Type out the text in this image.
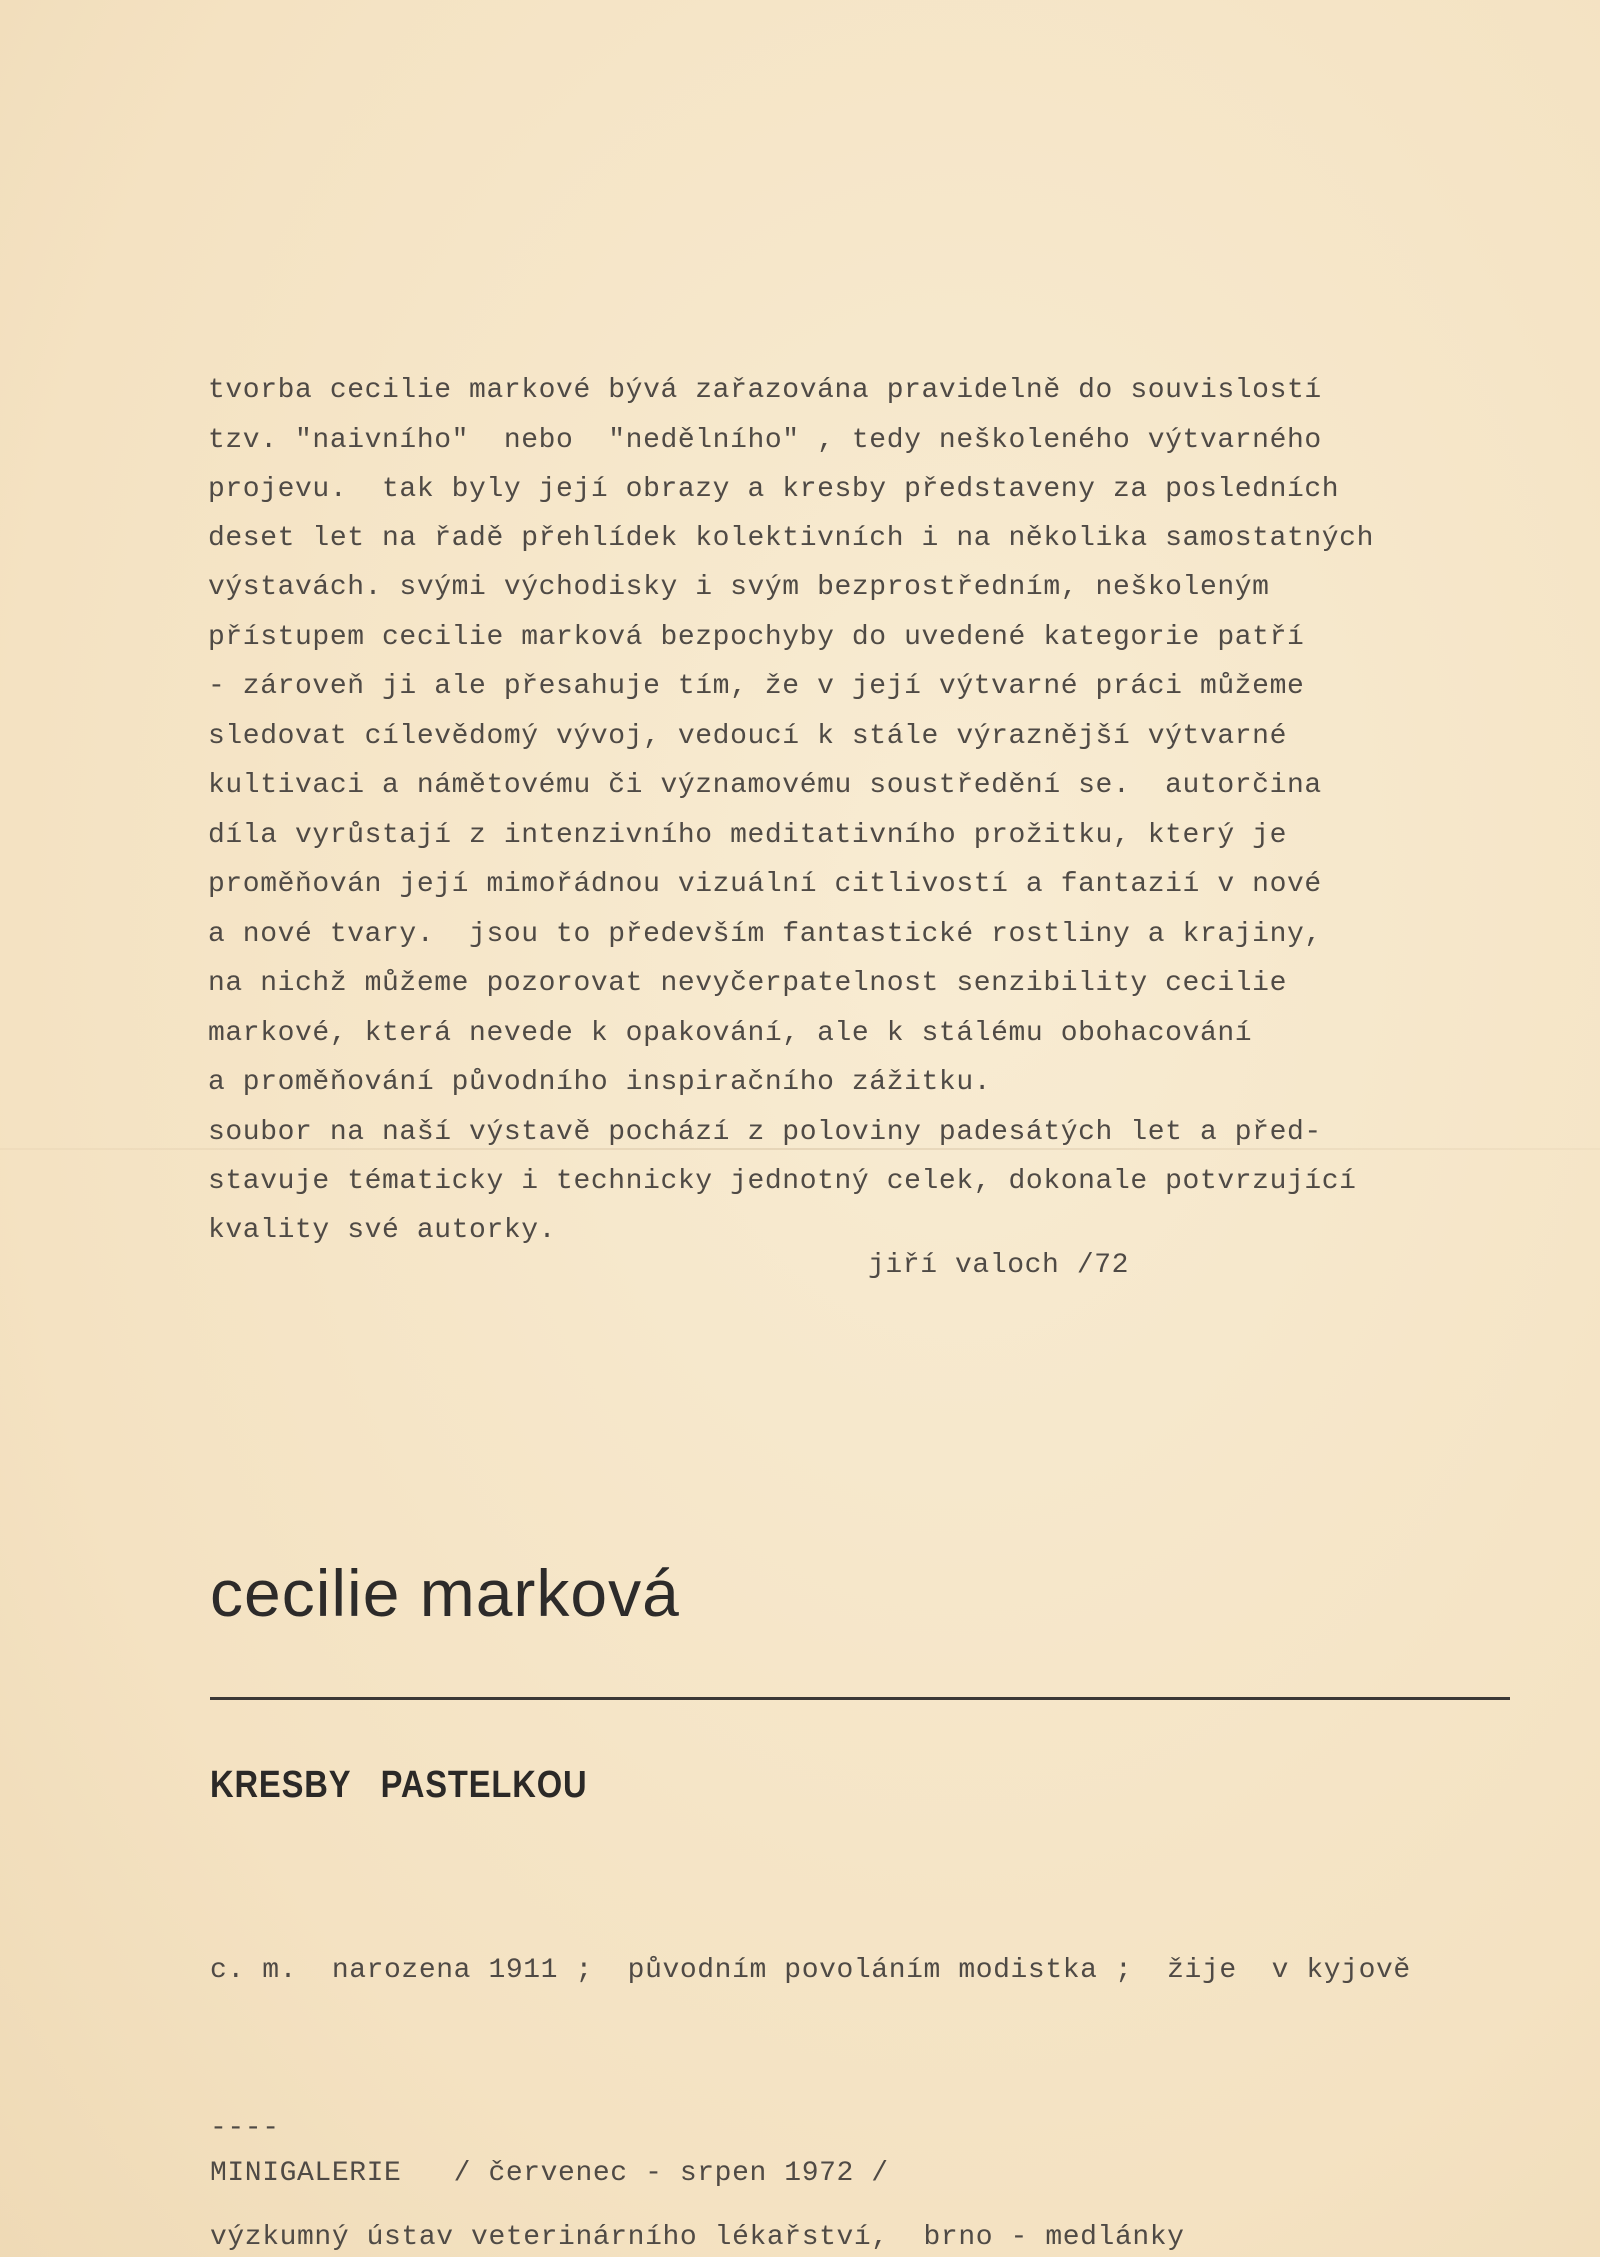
tvorba cecilie markové bývá zařazována pravidelně do souvislostí

tzv. "naivního"  nebo  "nedělního" , tedy neškoleného výtvarného

projevu.  tak byly její obrazy a kresby představeny za posledních

deset let na řadě přehlídek kolektivních i na několika samostatných

výstavách. svými východisky i svým bezprostředním, neškoleným

přístupem cecilie marková bezpochyby do uvedené kategorie patří

- zároveň ji ale přesahuje tím, že v její výtvarné práci můžeme

sledovat cílevědomý vývoj, vedoucí k stále výraznější výtvarné

kultivaci a námětovému či významovému soustředění se.  autorčina

díla vyrůstají z intenzivního meditativního prožitku, který je

proměňován její mimořádnou vizuální citlivostí a fantazií v nové

a nové tvary.  jsou to především fantastické rostliny a krajiny,

na nichž můžeme pozorovat nevyčerpatelnost senzibility cecilie

markové, která nevede k opakování, ale k stálému obohacování

a proměňování původního inspiračního zážitku.

soubor na naší výstavě pochází z poloviny padesátých let a před-

stavuje tématicky i technicky jednotný celek, dokonale potvrzující

kvality své autorky.

jiří valoch /72
cecilie marková
KRESBY   PASTELKOU
c. m.  narozena 1911 ;  původním povoláním modistka ;  žije  v kyjově
----
MINIGALERIE   / červenec - srpen 1972 /
výzkumný ústav veterinárního lékařství,  brno - medlánky
